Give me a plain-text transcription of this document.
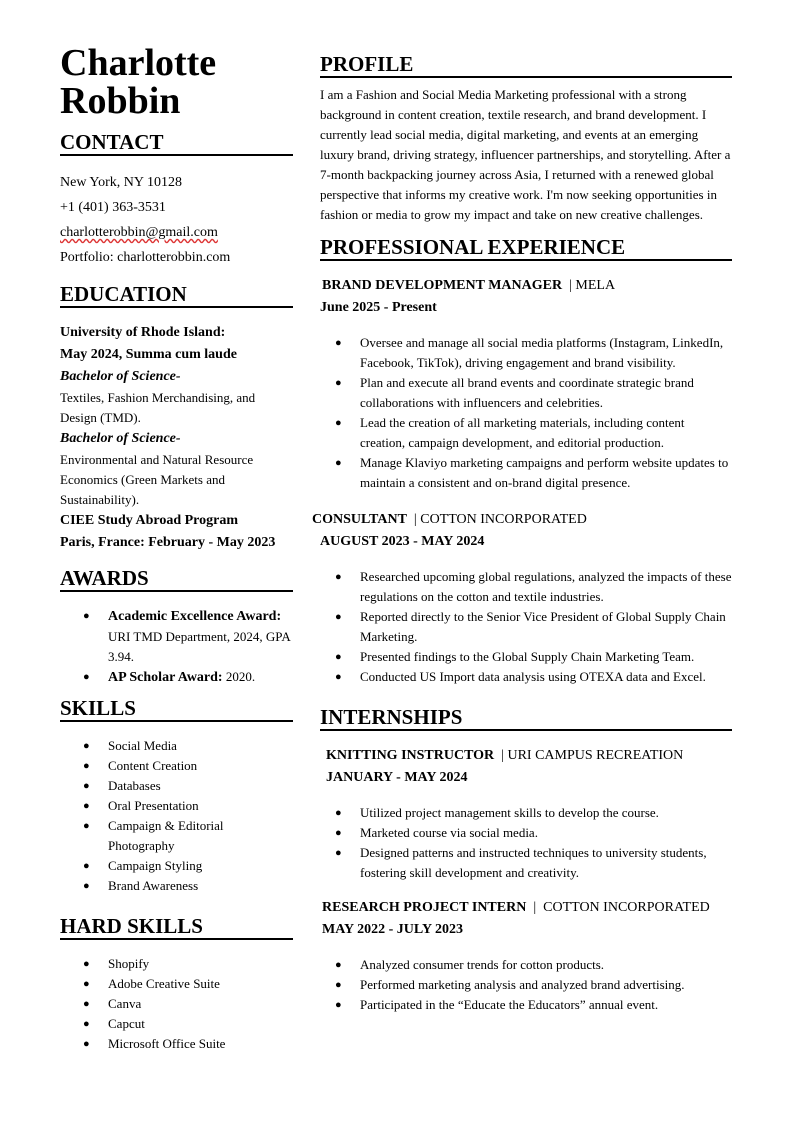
Charlotte
Robbin
CONTACT
New York, NY 10128
+1 (401) 363-3531
charlotterobbin@gmail.com
Portfolio: charlotterobbin.com
EDUCATION
University of Rhode Island:
May 2024, Summa cum laude
Bachelor of Science-
Textiles, Fashion Merchandising, and Design (TMD).
Bachelor of Science-
Environmental and Natural Resource Economics (Green Markets and Sustainability).
CIEE Study Abroad Program
Paris, France: February - May 2023
AWARDS
● Academic Excellence Award: URI TMD Department, 2024, GPA 3.94.
● AP Scholar Award: 2020.
SKILLS
● Social Media
● Content Creation
● Databases
● Oral Presentation
● Campaign & Editorial Photography
● Campaign Styling
● Brand Awareness
HARD SKILLS
● Shopify
● Adobe Creative Suite
● Canva
● Capcut
● Microsoft Office Suite
PROFILE
I am a Fashion and Social Media Marketing professional with a strong background in content creation, textile research, and brand development. I currently lead social media, digital marketing, and events at an emerging luxury brand, driving strategy, influencer partnerships, and storytelling. After a 7-month backpacking journey across Asia, I returned with a renewed global perspective that informs my creative work. I'm now seeking opportunities in fashion or media to grow my impact and take on new creative challenges.
PROFESSIONAL EXPERIENCE
BRAND DEVELOPMENT MANAGER  | MELA
June 2025 - Present
● Oversee and manage all social media platforms (Instagram, LinkedIn, Facebook, TikTok), driving engagement and brand visibility.
● Plan and execute all brand events and coordinate strategic brand collaborations with influencers and celebrities.
● Lead the creation of all marketing materials, including content creation, campaign development, and editorial production.
● Manage Klaviyo marketing campaigns and perform website updates to maintain a consistent and on-brand digital presence.
CONSULTANT  | COTTON INCORPORATED
AUGUST 2023 - MAY 2024
● Researched upcoming global regulations, analyzed the impacts of these regulations on the cotton and textile industries.
● Reported directly to the Senior Vice President of Global Supply Chain Marketing.
● Presented findings to the Global Supply Chain Marketing Team.
● Conducted US Import data analysis using OTEXA data and Excel.
INTERNSHIPS
KNITTING INSTRUCTOR  | URI CAMPUS RECREATION
JANUARY - MAY 2024
● Utilized project management skills to develop the course.
● Marketed course via social media.
● Designed patterns and instructed techniques to university students, fostering skill development and creativity.
RESEARCH PROJECT INTERN  |  COTTON INCORPORATED
MAY 2022 - JULY 2023
● Analyzed consumer trends for cotton products.
● Performed marketing analysis and analyzed brand advertising.
● Participated in the “Educate the Educators” annual event.
